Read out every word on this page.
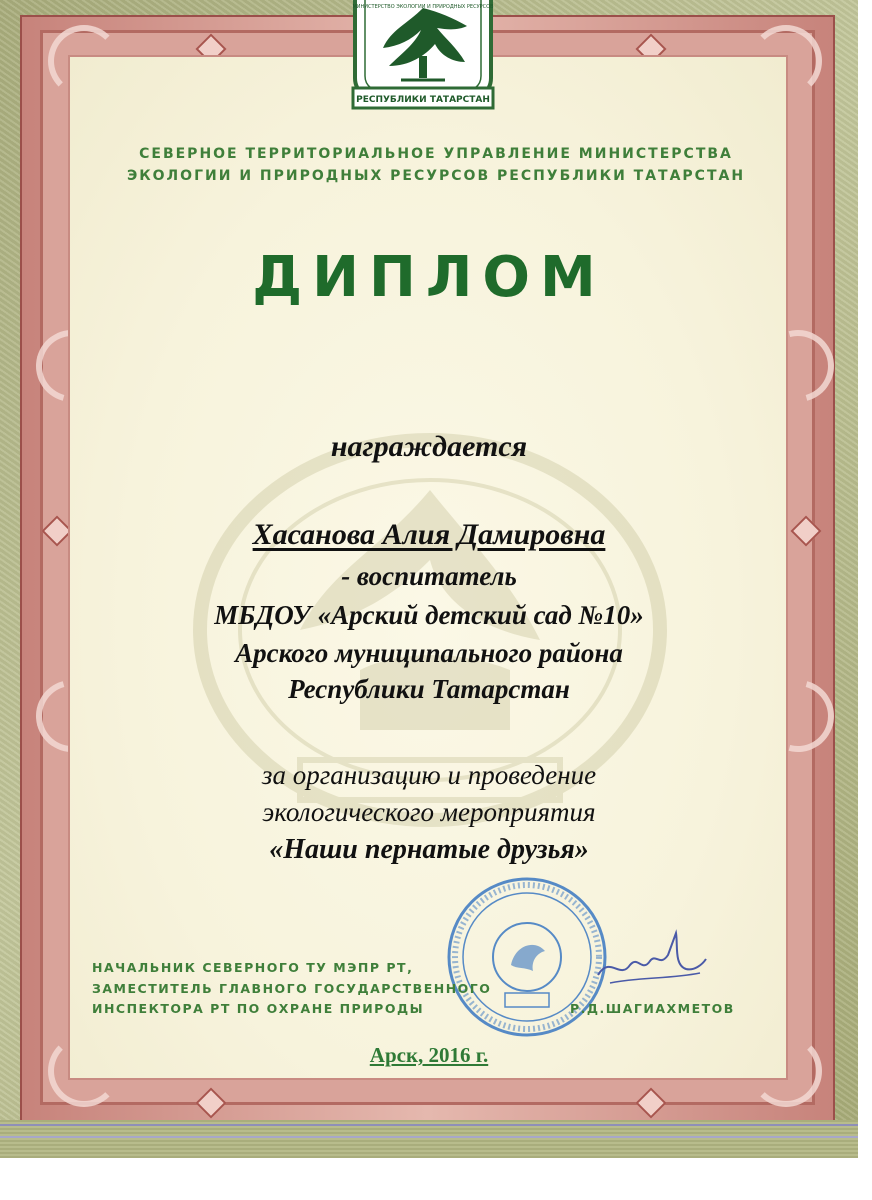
РЕСПУБЛИКИ ТАТАРСТАН
МИНИСТЕРСТВО ЭКОЛОГИИ И ПРИРОДНЫХ РЕСУРСОВ
СЕВЕРНОЕ ТЕРРИТОРИАЛЬНОЕ УПРАВЛЕНИЕ МИНИСТЕРСТВА
ЭКОЛОГИИ И ПРИРОДНЫХ РЕСУРСОВ РЕСПУБЛИКИ ТАТАРСТАН
ДИПЛОМ
награждается
Хасанова Алия Дамировна
- воспитатель
МБДОУ «Арский детский сад №10»
Арского муниципального района
Республики Татарстан
за организацию и проведение
экологического мероприятия
«Наши пернатые друзья»
НАЧАЛЬНИК СЕВЕРНОГО ТУ МЭПР РТ,
ЗАМЕСТИТЕЛЬ ГЛАВНОГО ГОСУДАРСТВЕННОГО
ИНСПЕКТОРА РТ ПО ОХРАНЕ ПРИРОДЫ	Р.Д.ШАГИАХМЕТОВ
Арск, 2016 г.
